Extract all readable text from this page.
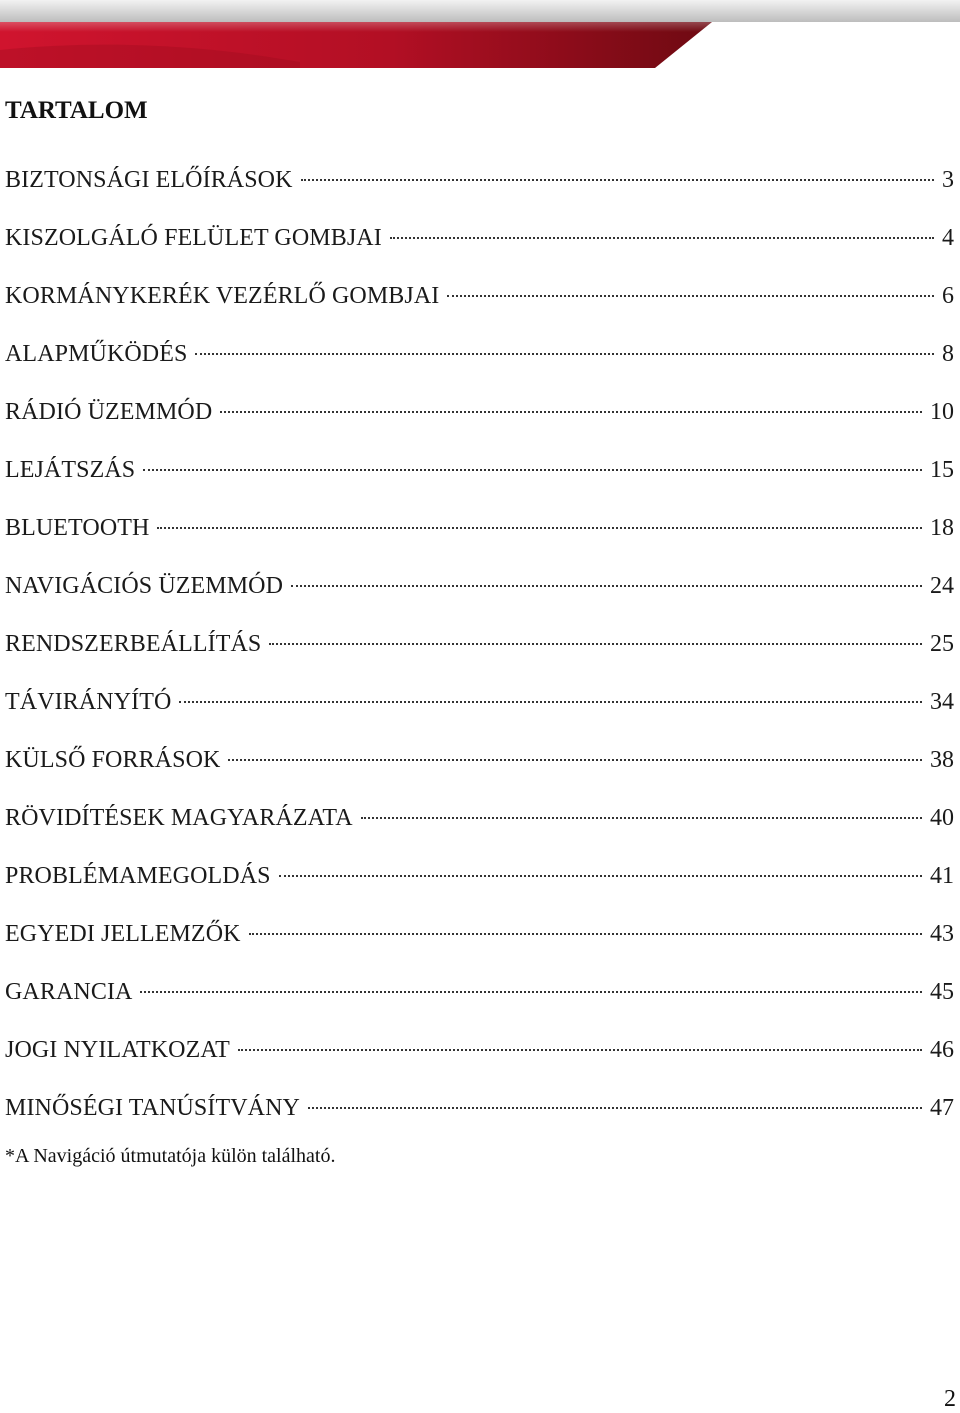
TARTALOM
BIZTONSÁGI ELŐÍRÁSOK	3
KISZOLGÁLÓ FELÜLET GOMBJAI	4
KORMÁNYKERÉK VEZÉRLŐ GOMBJAI	6
ALAPMŰKÖDÉS	8
RÁDIÓ ÜZEMMÓD	10
LEJÁTSZÁS	15
BLUETOOTH	18
NAVIGÁCIÓS ÜZEMMÓD	24
RENDSZERBEÁLLÍTÁS	25
TÁVIRÁNYÍTÓ	34
KÜLSŐ FORRÁSOK	38
RÖVIDÍTÉSEK MAGYARÁZATA	40
PROBLÉMAMEGOLDÁS	41
EGYEDI JELLEMZŐK	43
GARANCIA	45
JOGI NYILATKOZAT	46
MINŐSÉGI TANÚSÍTVÁNY	47

*A Navigáció útmutatója külön található.

2
